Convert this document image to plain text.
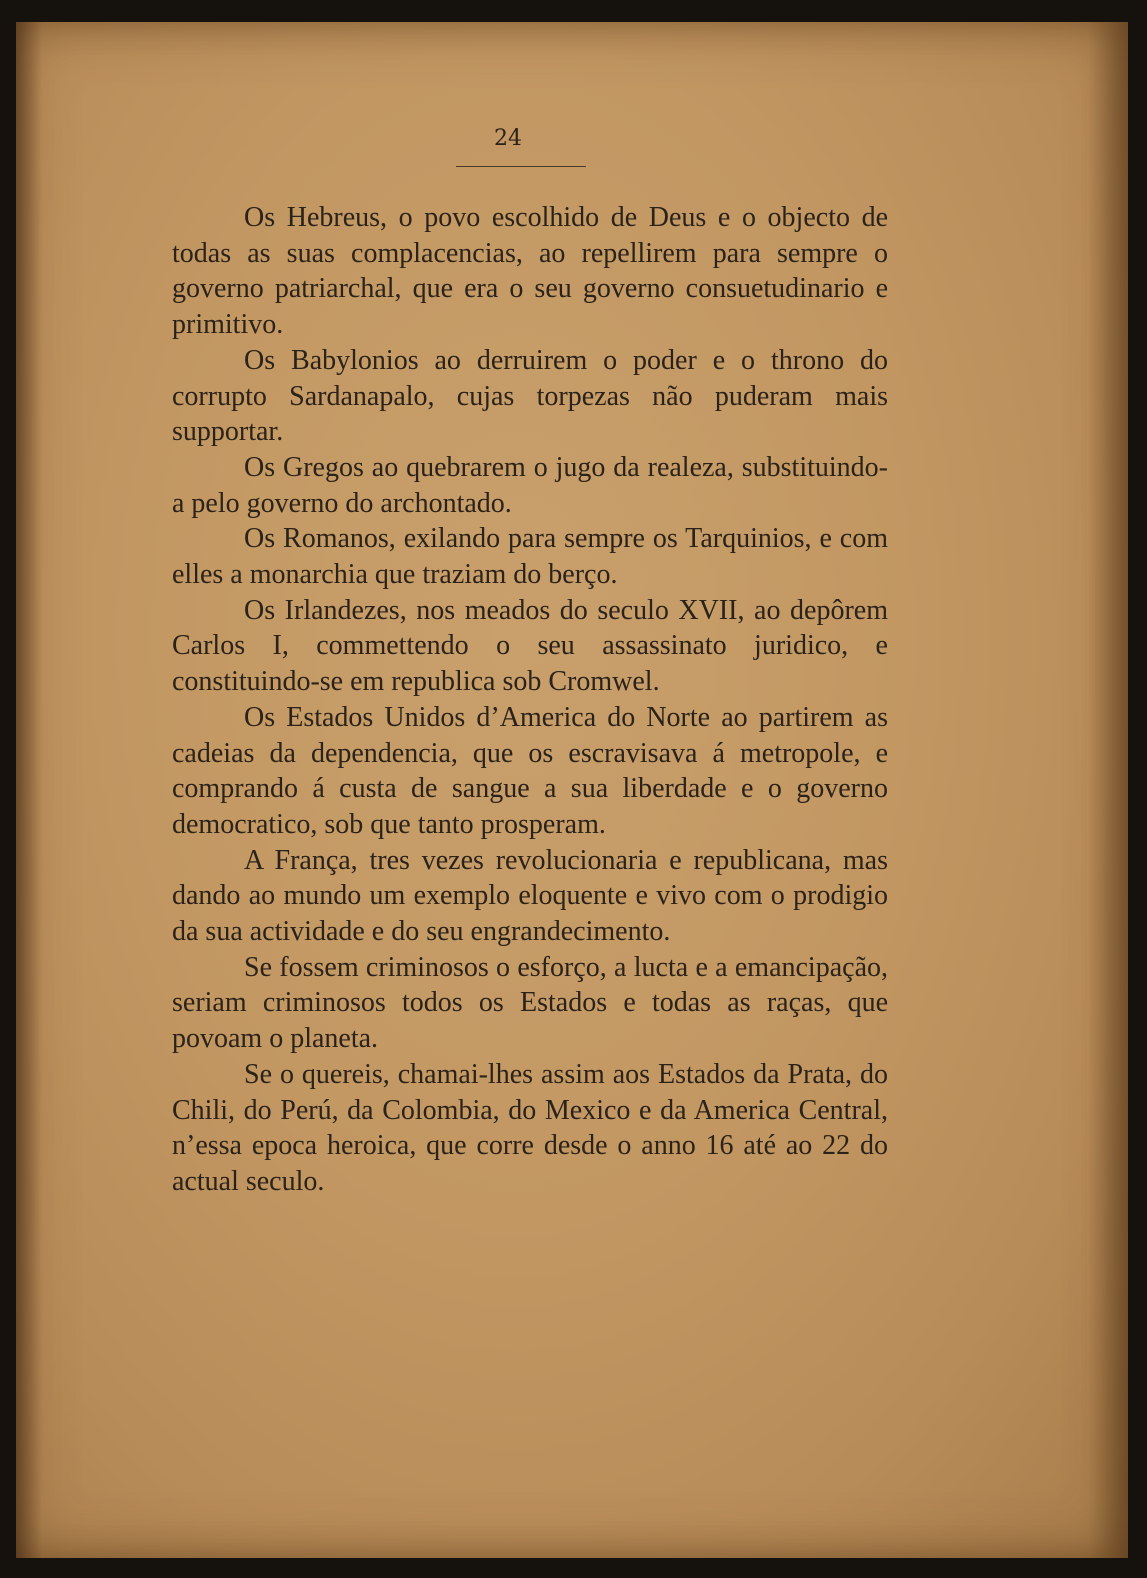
24

Os Hebreus, o povo escolhido de Deus e o objecto de todas as suas complacencias, ao repellirem para sempre o governo patriarchal, que era o seu governo consuetudinario e primitivo.

Os Babylonios ao derruirem o poder e o throno do corrupto Sardanapalo, cujas torpezas não puderam mais supportar.

Os Gregos ao quebrarem o jugo da realeza, substituindo-a pelo governo do archontado.

Os Romanos, exilando para sempre os Tarquinios, e com elles a monarchia que traziam do berço.

Os Irlandezes, nos meados do seculo XVII, ao depôrem Carlos I, commettendo o seu assassinato juridico, e constituindo-se em republica sob Cromwel.

Os Estados Unidos d’America do Norte ao partirem as cadeias da dependencia, que os escravisava á metropole, e comprando á custa de sangue a sua liberdade e o governo democratico, sob que tanto prosperam.

A França, tres vezes revolucionaria e republicana, mas dando ao mundo um exemplo eloquente e vivo com o prodigio da sua actividade e do seu engrandecimento.

Se fossem criminosos o esforço, a lucta e a emancipação, seriam criminosos todos os Estados e todas as raças, que povoam o planeta.

Se o quereis, chamai-lhes assim aos Estados da Prata, do Chili, do Perú, da Colombia, do Mexico e da America Central, n’essa epoca heroica, que corre desde o anno 16 até ao 22 do actual seculo.
